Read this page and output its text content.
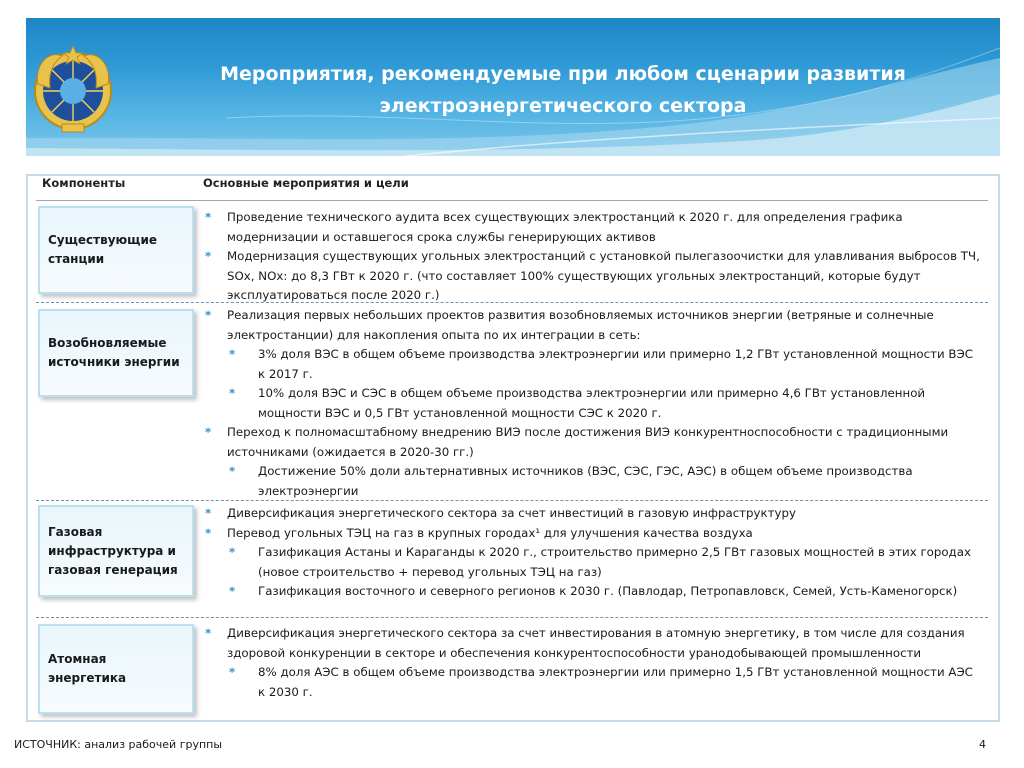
Мероприятия, рекомендуемые при любом сценарии развития электроэнергетического сектора
Компоненты	Основные мероприятия и цели
Существующие станции
Возобновляемые источники энергии
Газовая инфраструктура и газовая генерация
Атомная энергетика
* Проведение технического аудита всех существующих электростанций к 2020 г. для определения графика модернизации и оставшегося срока службы генерирующих активов
* Модернизация существующих угольных электростанций с установкой пылегазоочистки для улавливания выбросов ТЧ, SOx, NOx: до 8,3 ГВт к 2020 г. (что составляет 100% существующих угольных электростанций, которые будут эксплуатироваться после 2020 г.)
* Реализация первых небольших проектов развития возобновляемых источников энергии (ветряные и солнечные электростанции) для накопления опыта по их интеграции в сеть:
* 3% доля ВЭС в общем объеме производства электроэнергии или примерно 1,2 ГВт установленной мощности ВЭС к 2017 г.
* 10% доля ВЭС и СЭС в общем объеме производства электроэнергии или примерно 4,6 ГВт установленной мощности ВЭС и 0,5 ГВт установленной мощности СЭС к 2020 г.
* Переход к полномасштабному внедрению ВИЭ после достижения ВИЭ конкурентноспособности с традиционными источниками (ожидается в 2020-30 гг.)
* Достижение 50% доли альтернативных источников (ВЭС, СЭС, ГЭС, АЭС) в общем объеме производства электроэнергии
* Диверсификация энергетического сектора за счет инвестиций в газовую инфраструктуру
* Перевод угольных ТЭЦ на газ в крупных городах¹ для улучшения качества воздуха
* Газификация Астаны и Караганды к 2020 г., строительство примерно 2,5 ГВт газовых мощностей в этих городах (новое строительство + перевод угольных ТЭЦ на газ)
* Газификация восточного и северного регионов к 2030 г. (Павлодар, Петропавловск, Семей, Усть-Каменогорск)
* Диверсификация энергетического сектора за счет инвестирования в атомную энергетику, в том числе для создания здоровой конкуренции в секторе и обеспечения конкурентоспособности уранодобывающей промышленности
* 8% доля АЭС в общем объеме производства электроэнергии или примерно 1,5 ГВт установленной мощности АЭС к 2030 г.
ИСТОЧНИК: анализ рабочей группы	4
